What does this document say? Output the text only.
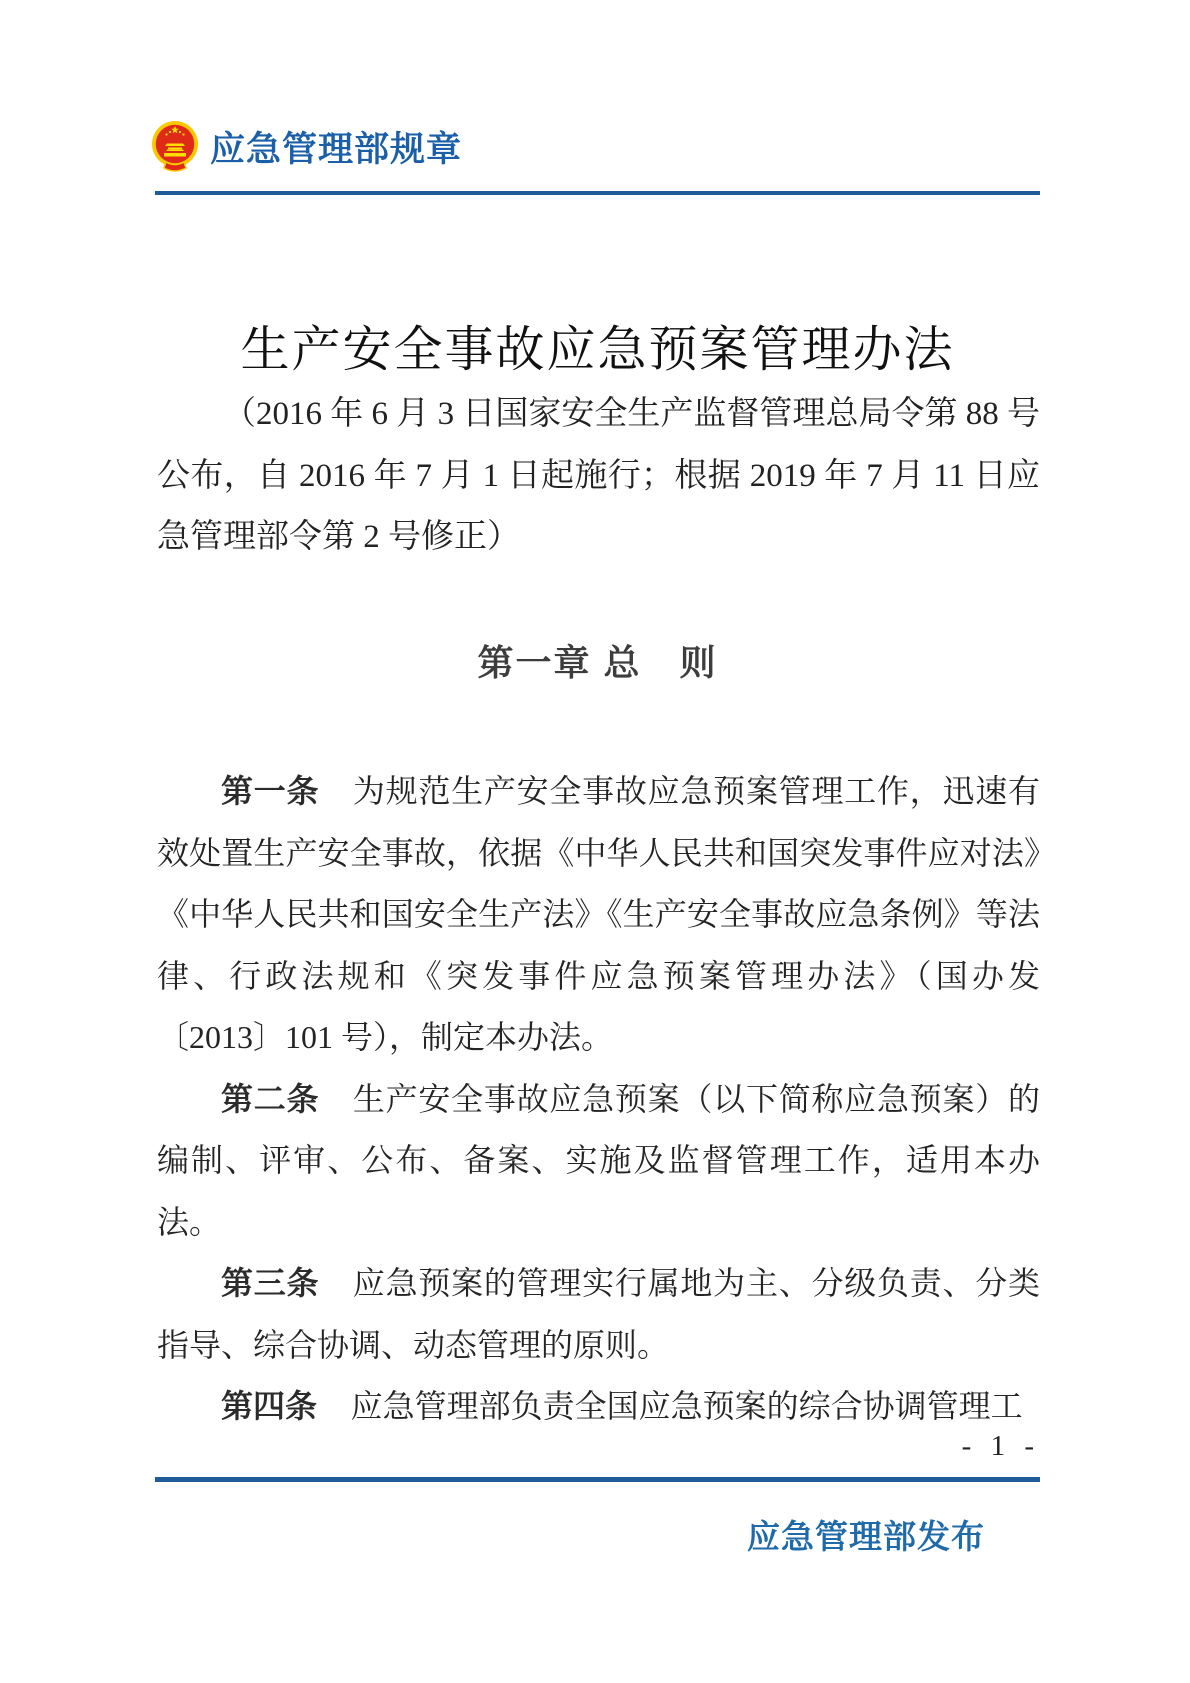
应急管理部规章
生产安全事故应急预案管理办法

（2016 年 6 月 3 日国家安全生产监督管理总局令第 88 号公布，自 2016 年 7 月 1 日起施行；根据 2019 年 7 月 11 日应急管理部令第 2 号修正）

第一章 总　则

第一条 为规范生产安全事故应急预案管理工作，迅速有效处置生产安全事故，依据《中华人民共和国突发事件应对法》《中华人民共和国安全生产法》《生产安全事故应急条例》等法律、行政法规和《突发事件应急预案管理办法》（国办发〔2013〕101 号），制定本办法。

第二条 生产安全事故应急预案（以下简称应急预案）的编制、评审、公布、备案、实施及监督管理工作，适用本办法。

第三条 应急预案的管理实行属地为主、分级负责、分类指导、综合协调、动态管理的原则。

第四条 应急管理部负责全国应急预案的综合协调管理工

- 1 -
应急管理部发布
